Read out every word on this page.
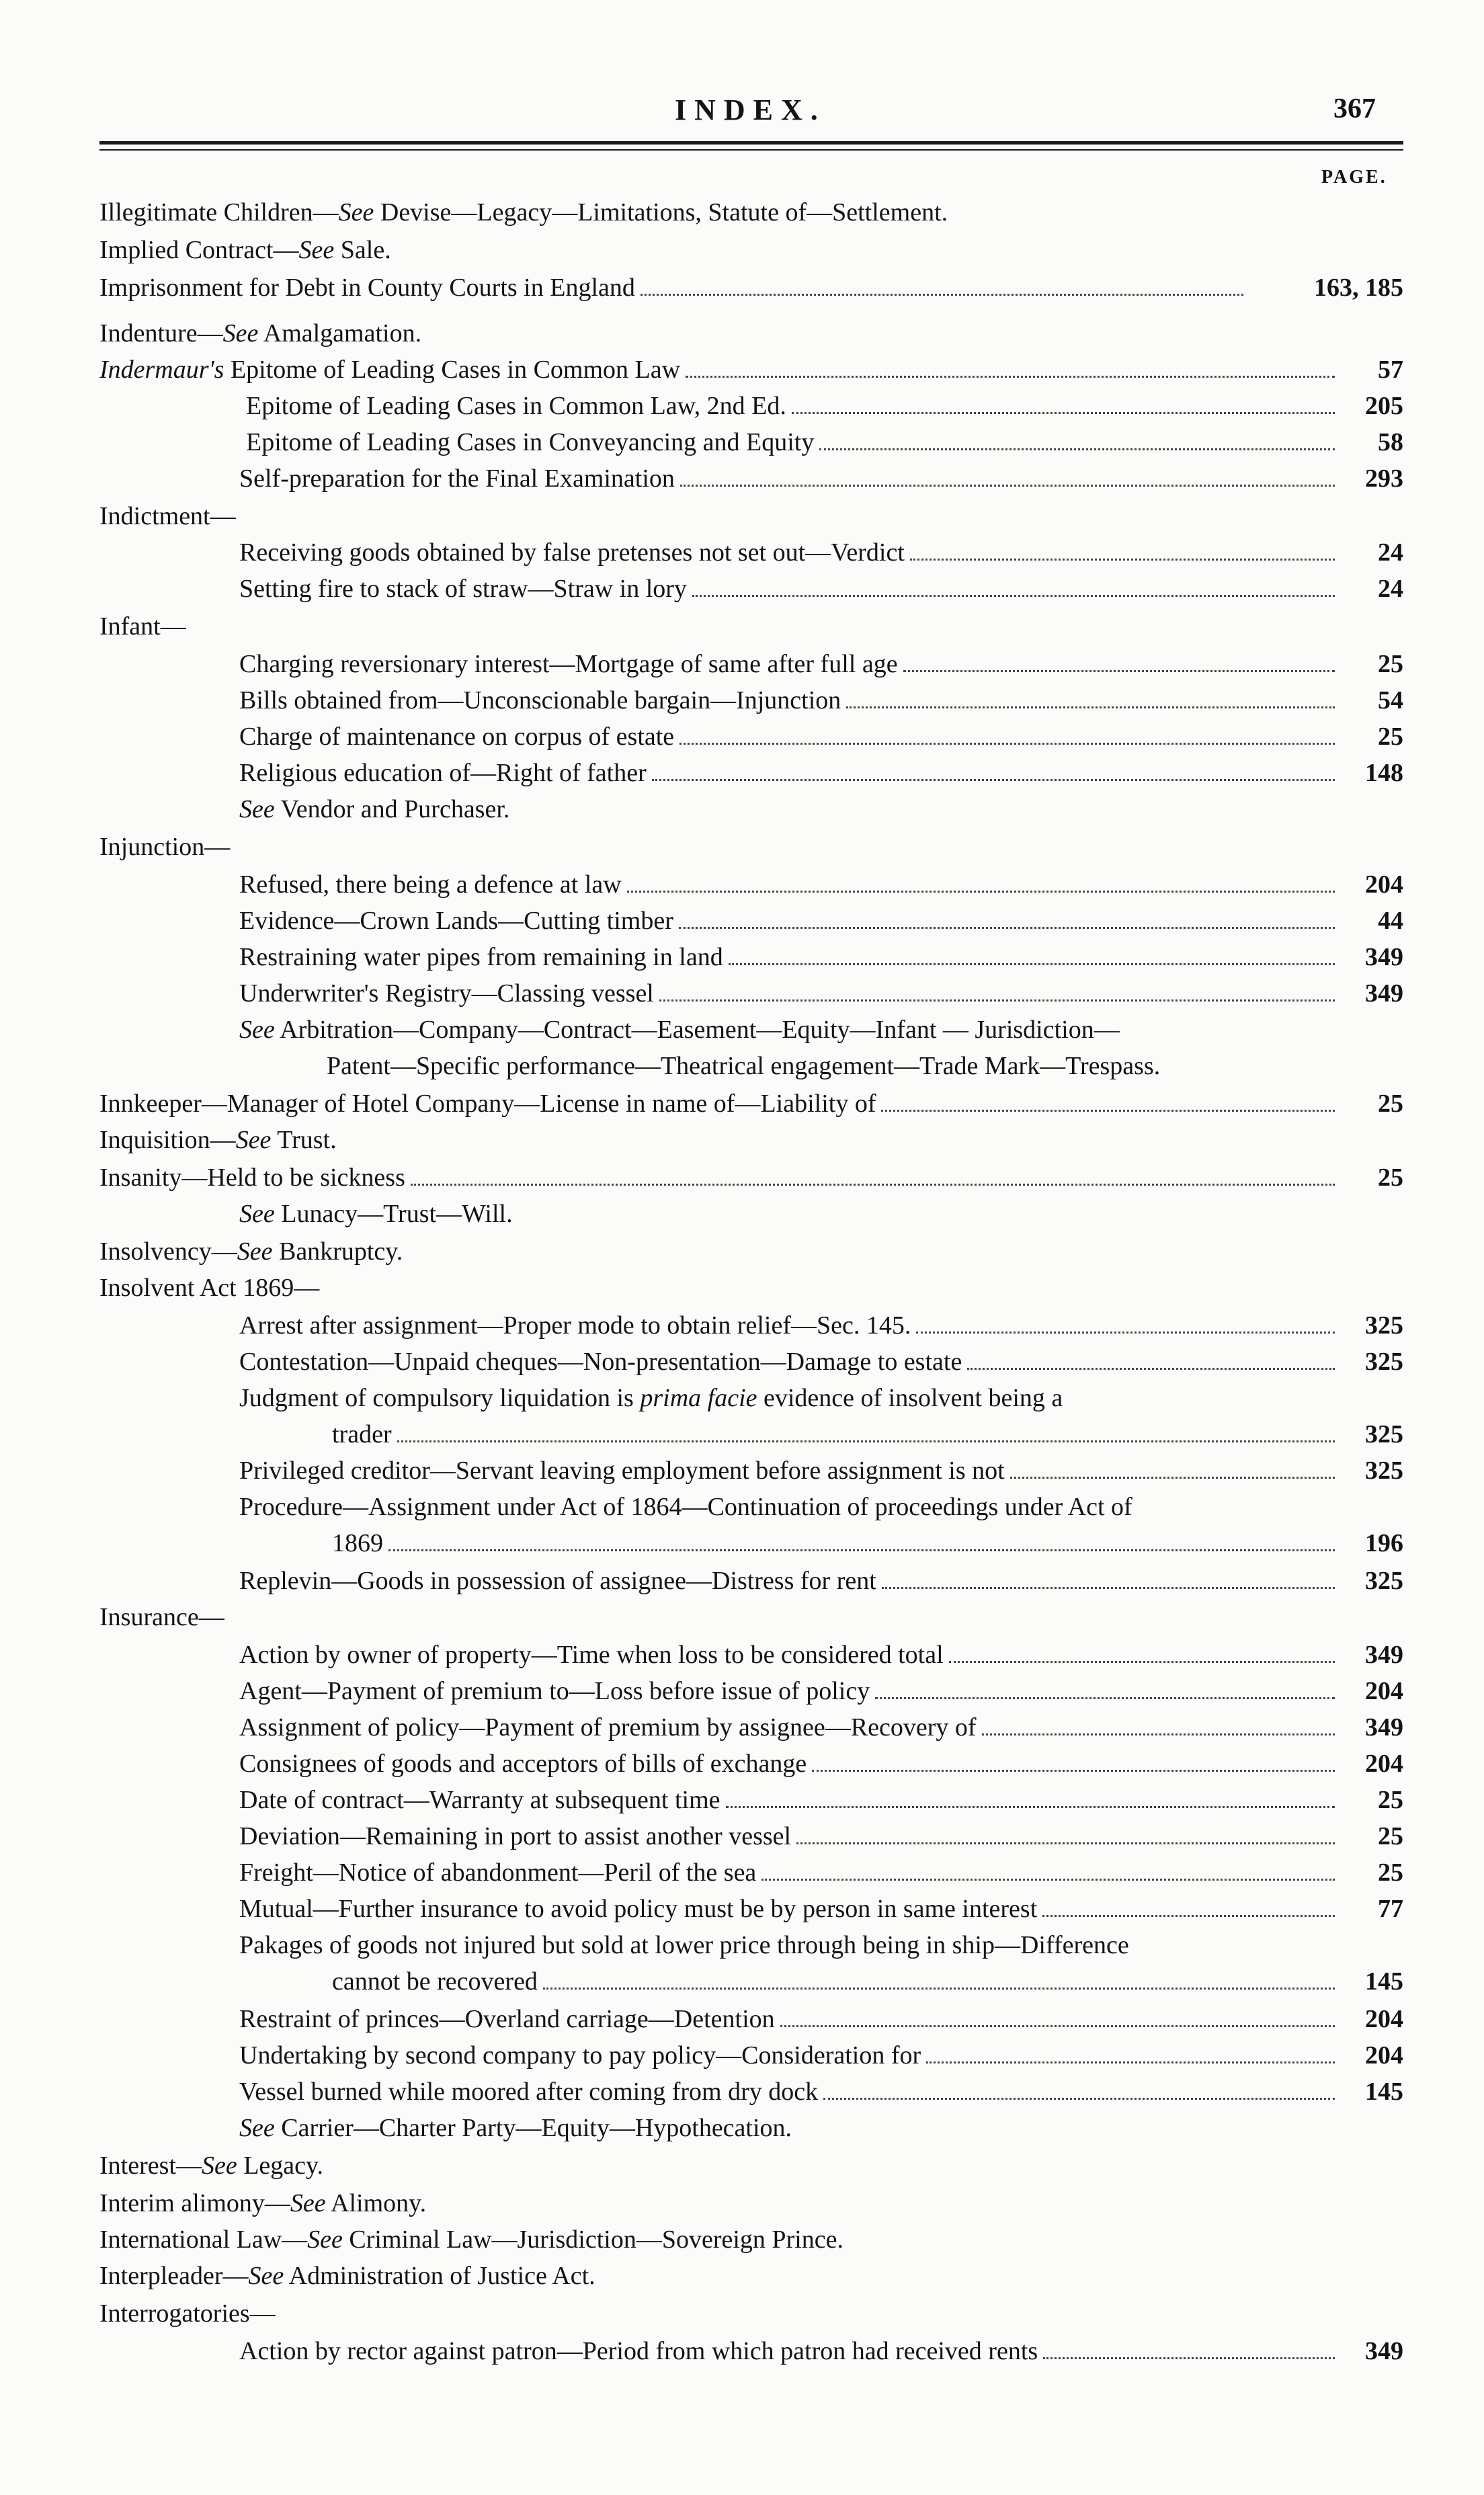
INDEX.	367
PAGE.
Illegitimate Children—See Devise—Legacy—Limitations, Statute of—Settlement.
Implied Contract—See Sale.
Imprisonment for Debt in County Courts in England	163, 185
Indenture—See Amalgamation.
Indermaur's Epitome of Leading Cases in Common Law	57
Epitome of Leading Cases in Common Law, 2nd Ed.	205
Epitome of Leading Cases in Conveyancing and Equity	58
Self-preparation for the Final Examination	293
Indictment—
Receiving goods obtained by false pretenses not set out—Verdict	24
Setting fire to stack of straw—Straw in lory	24
Infant—
Charging reversionary interest—Mortgage of same after full age	25
Bills obtained from—Unconscionable bargain—Injunction	54
Charge of maintenance on corpus of estate	25
Religious education of—Right of father	148
See Vendor and Purchaser.
Injunction—
Refused, there being a defence at law	204
Evidence—Crown Lands—Cutting timber	44
Restraining water pipes from remaining in land	349
Underwriter's Registry—Classing vessel	349
See Arbitration—Company—Contract—Easement—Equity—Infant — Jurisdiction—
Patent—Specific performance—Theatrical engagement—Trade Mark—Trespass.
Innkeeper—Manager of Hotel Company—License in name of—Liability of	25
Inquisition—See Trust.
Insanity—Held to be sickness	25
See Lunacy—Trust—Will.
Insolvency—See Bankruptcy.
Insolvent Act 1869—
Arrest after assignment—Proper mode to obtain relief—Sec. 145.	325
Contestation—Unpaid cheques—Non-presentation—Damage to estate	325
Judgment of compulsory liquidation is prima facie evidence of insolvent being a
trader	325
Privileged creditor—Servant leaving employment before assignment is not	325
Procedure—Assignment under Act of 1864—Continuation of proceedings under Act of
1869	196
Replevin—Goods in possession of assignee—Distress for rent	325
Insurance—
Action by owner of property—Time when loss to be considered total	349
Agent—Payment of premium to—Loss before issue of policy	204
Assignment of policy—Payment of premium by assignee—Recovery of	349
Consignees of goods and acceptors of bills of exchange	204
Date of contract—Warranty at subsequent time	25
Deviation—Remaining in port to assist another vessel	25
Freight—Notice of abandonment—Peril of the sea	25
Mutual—Further insurance to avoid policy must be by person in same interest	77
Pakages of goods not injured but sold at lower price through being in ship—Difference
cannot be recovered	145
Restraint of princes—Overland carriage—Detention	204
Undertaking by second company to pay policy—Consideration for	204
Vessel burned while moored after coming from dry dock	145
See Carrier—Charter Party—Equity—Hypothecation.
Interest—See Legacy.
Interim alimony—See Alimony.
International Law—See Criminal Law—Jurisdiction—Sovereign Prince.
Interpleader—See Administration of Justice Act.
Interrogatories—
Action by rector against patron—Period from which patron had received rents	349
